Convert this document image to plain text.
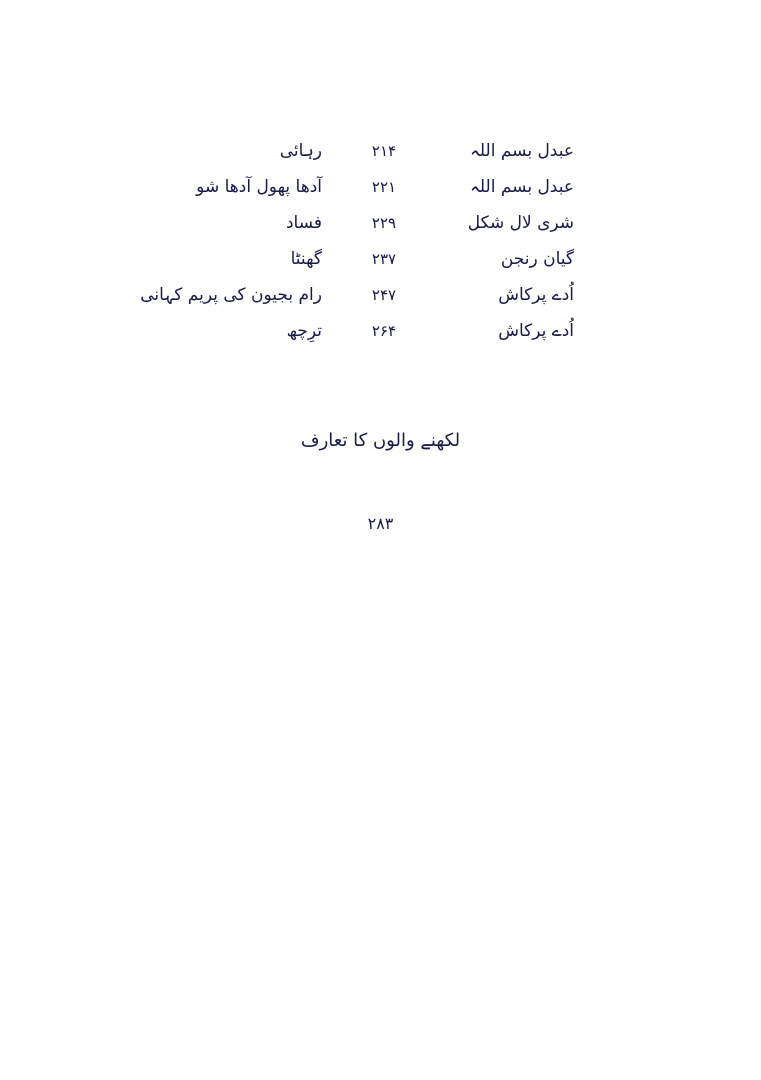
عبدل بسم اللہ
۲۱۴
رہائی
عبدل بسم اللہ
۲۲۱
آدھا پھول آدھا شو
شری لال شکل
۲۲۹
فساد
گیان رنجن
۲۳۷
گھنٹا
اُدے پرکاش
۲۴۷
رام بجیون کی پریم کہانی
اُدے پرکاش
۲۶۴
ترِچھ
لکھنے والوں کا تعارف
۲۸۳
